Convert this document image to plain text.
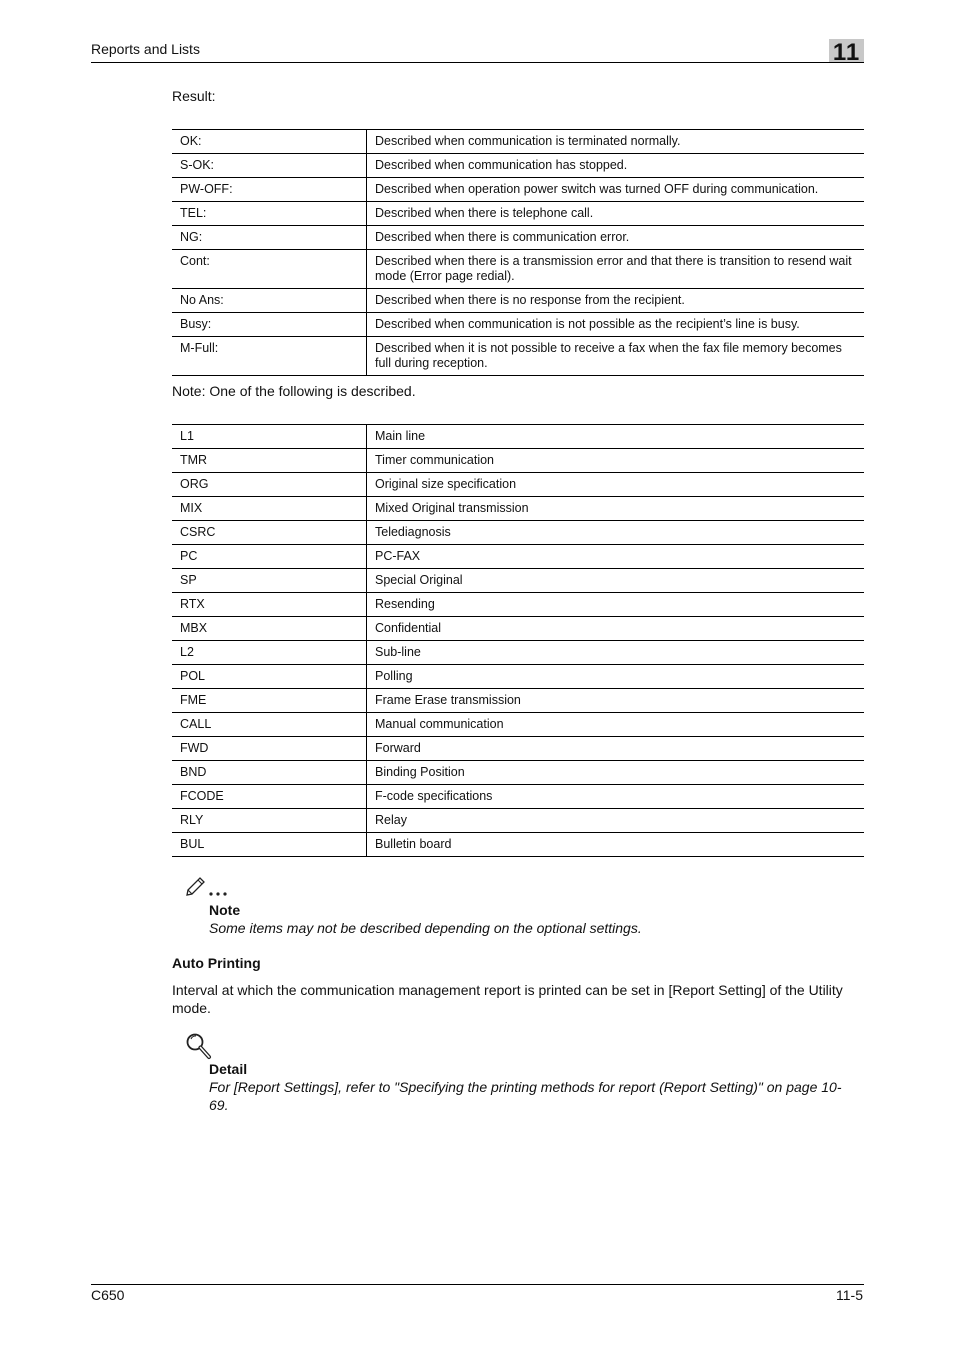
Reports and Lists	11
Result:
OK:	Described when communication is terminated normally.
S-OK:	Described when communication has stopped.
PW-OFF:	Described when operation power switch was turned OFF during communication.
TEL:	Described when there is telephone call.
NG:	Described when there is communication error.
Cont:	Described when there is a transmission error and that there is transition to resend wait mode (Error page redial).
No Ans:	Described when there is no response from the recipient.
Busy:	Described when communication is not possible as the recipient’s line is busy.
M-Full:	Described when it is not possible to receive a fax when the fax file memory becomes full during reception.
Note: One of the following is described.
L1	Main line
TMR	Timer communication
ORG	Original size specification
MIX	Mixed Original transmission
CSRC	Telediagnosis
PC	PC-FAX
SP	Special Original
RTX	Resending
MBX	Confidential
L2	Sub-line
POL	Polling
FME	Frame Erase transmission
CALL	Manual communication
FWD	Forward
BND	Binding Position
FCODE	F-code specifications
RLY	Relay
BUL	Bulletin board
Note
Some items may not be described depending on the optional settings.
Auto Printing
Interval at which the communication management report is printed can be set in [Report Setting] of the Utility mode.
Detail
For [Report Settings], refer to "Specifying the printing methods for report (Report Setting)" on page 10-69.
C650	11-5
